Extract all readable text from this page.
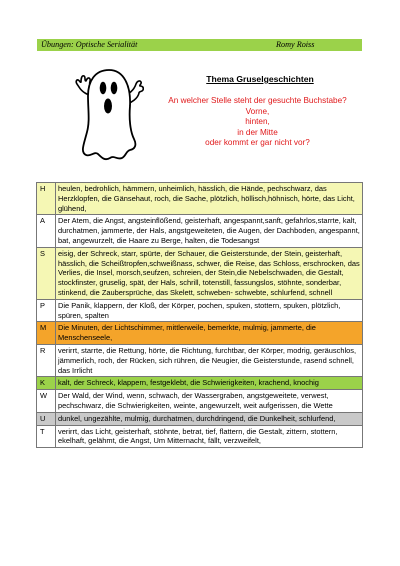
Übungen: Optische Serialität	Romy Roiss
Thema Gruselgeschichten
An welcher Stelle steht der gesuchte Buchstabe?
Vorne,
hinten,
in der Mitte
oder kommt er gar nicht vor?
H	heulen, bedrohlich, hämmern, unheimlich, hässlich, die Hände, pechschwarz, das Herzklopfen, die Gänsehaut, roch, die Sache, plötzlich, höllisch,höhnisch, hörte, das Licht, glühend,
A	Der Atem, die Angst, angsteinflößend, geisterhaft, angespannt,sanft, gefahrlos,starrte, kalt, durchatmen, jammerte, der Hals, angstgeweiteten, die Augen, der Dachboden, angespannt, bat, angewurzelt, die Haare zu Berge, halten, die Todesangst
S	eisig, der Schreck, starr, spürte, der Schauer, die Geisterstunde, der Stein, geisterhaft, hässlich, die Scheißtropfen,schweißnass, schwer, die Reise, das Schloss, erschrocken, das Verlies, die Insel, morsch,seufzen, schreien, der Stein,die Nebelschwaden, die Gestalt, stockfinster, gruselig, spät, der Hals, schrill, totenstill, fassungslos, stöhnte, sonderbar, stinkend, die Zaubersprüche, das Skelett, schweben- schwebte, schlurfend, schnell
P	Die Panik, klappern, der Kloß, der Körper, pochen, spuken, stottern, spuken, plötzlich, spüren, spalten
M	Die Minuten, der Lichtschimmer, mittlerweile, bemerkte, mulmig, jammerte, die Menschenseele,
R	verirrt, starrte, die Rettung, hörte, die Richtung, furchtbar, der Körper, modrig, geräuschlos, jämmerlich, roch, der Rücken, sich rühren, die Neugier, die Geisterstunde, rasend schnell, das Irrlicht
K	kalt, der Schreck, klappern, festgeklebt, die Schwierigkeiten, krachend, knochig
W	Der Wald, der Wind, wenn, schwach, der Wassergraben, angstgeweitete, verwest, pechschwarz, die Schwierigkeiten, weinte, angewurzelt, weit aufgerissen, die Wette
U	dunkel, ungezählte, mulmig, durchatmen, durchdringend, die Dunkelheit, schlurfend,
T	verirrt, das Licht, geisterhaft, stöhnte, betrat, tief, flattern, die Gestalt, zittern, stottern, ekelhaft, gelähmt, die Angst, Um Mitternacht, fällt, verzweifelt,
